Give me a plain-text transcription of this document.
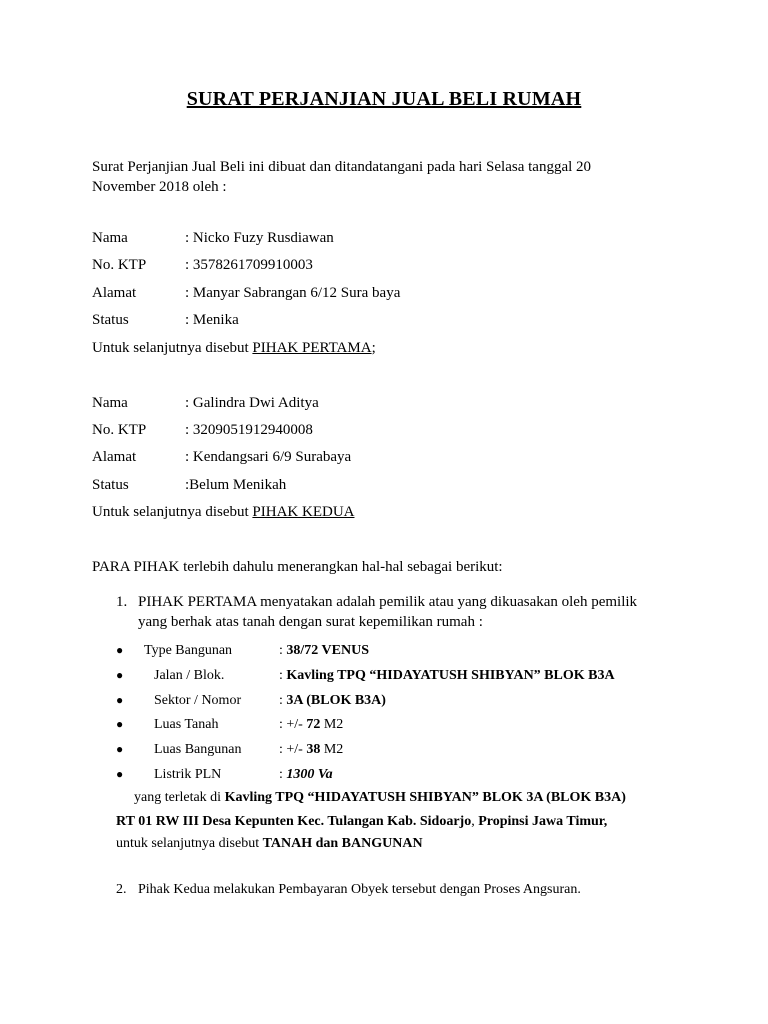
SURAT PERJANJIAN JUAL BELI RUMAH
Surat Perjanjian Jual Beli ini dibuat dan ditandatangani pada hari Selasa tanggal 20 November 2018 oleh :
Nama	: Nicko Fuzy Rusdiawan
No. KTP	: 3578261709910003
Alamat	: Manyar Sabrangan 6/12 Sura baya
Status	: Menika
Untuk selanjutnya disebut PIHAK PERTAMA;
Nama	: Galindra Dwi Aditya
No. KTP	: 3209051912940008
Alamat	: Kendangsari 6/9 Surabaya
Status	:Belum Menikah
Untuk selanjutnya disebut PIHAK KEDUA
PARA PIHAK terlebih dahulu menerangkan hal-hal sebagai berikut:
1. PIHAK PERTAMA menyatakan adalah pemilik atau yang dikuasakan oleh pemilik yang berhak atas tanah dengan surat kepemilikan rumah :
● Type Bangunan	: 38/72 VENUS
● Jalan / Blok.	: Kavling TPQ “HIDAYATUSH SHIBYAN” BLOK B3A
● Sektor / Nomor	: 3A (BLOK B3A)
● Luas Tanah	: +/- 72 M2
● Luas Bangunan	: +/- 38 M2
● Listrik PLN	: 1300 Va
yang terletak di Kavling TPQ “HIDAYATUSH SHIBYAN” BLOK 3A (BLOK B3A)
RT 01 RW III Desa Kepunten Kec. Tulangan Kab. Sidoarjo, Propinsi Jawa Timur,
untuk selanjutnya disebut TANAH dan BANGUNAN
2. Pihak Kedua melakukan Pembayaran Obyek tersebut dengan Proses Angsuran.
